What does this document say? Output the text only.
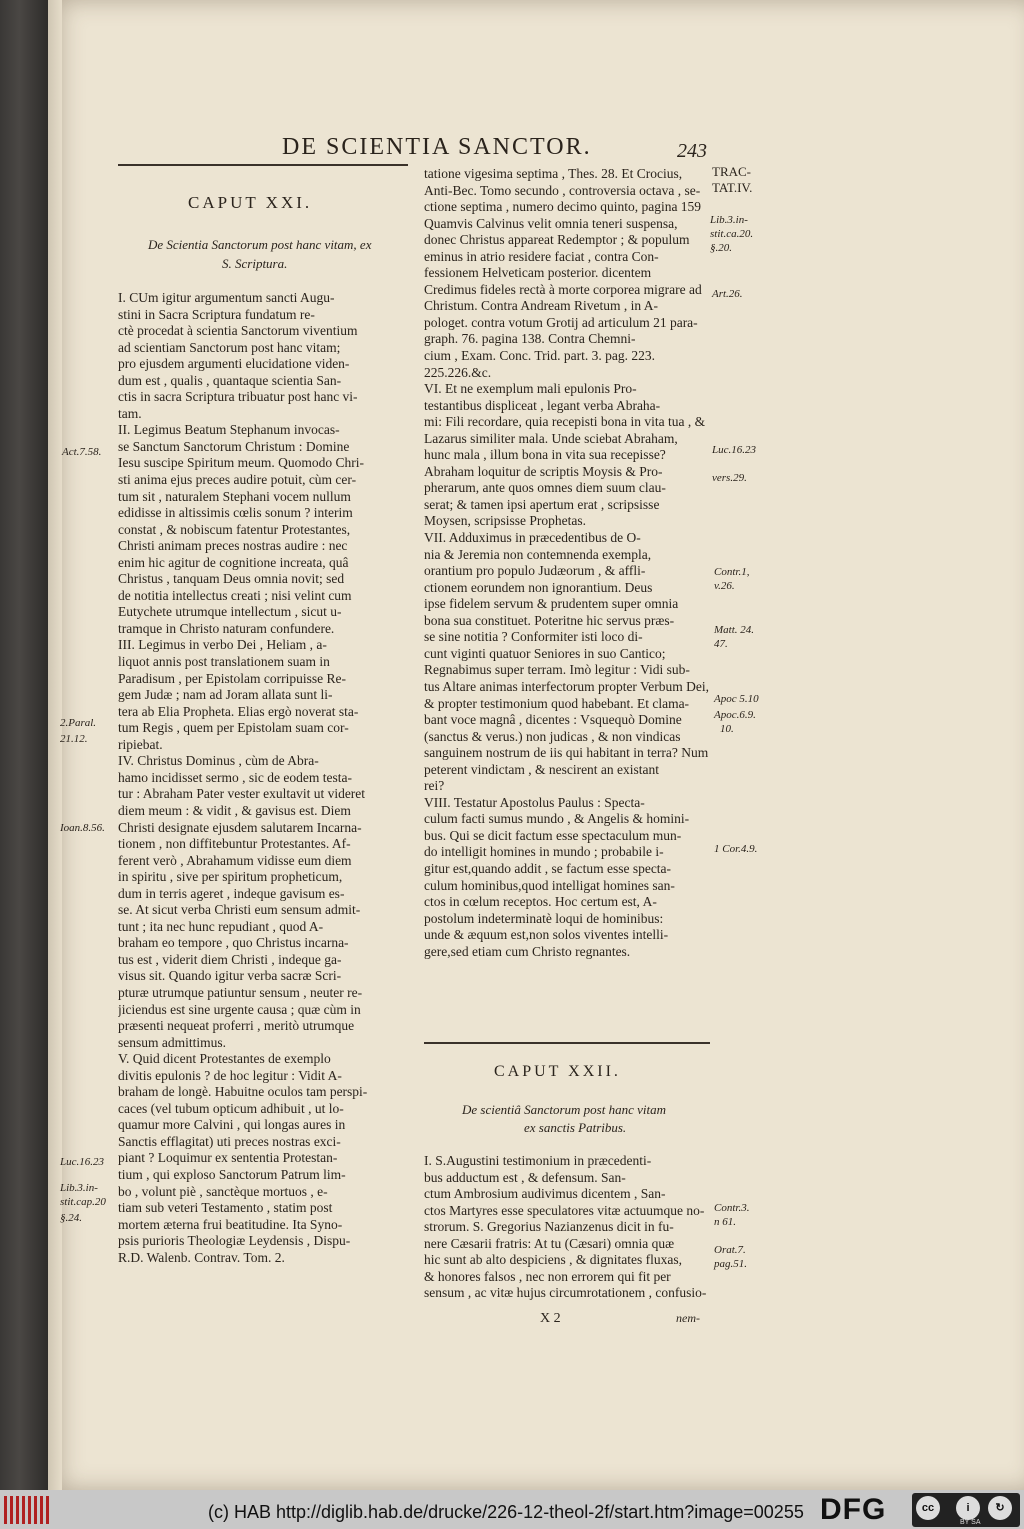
DE SCIENTIA SANCTOR.	243
TRAC-
TAT.IV.
CAPUT XXI.
De Scientia Sanctorum post hanc vitam, ex
S. Scriptura.
I. CUm igitur argumentum sancti Augu-
stini in Sacra Scriptura fundatum re-
ctè procedat à scientia Sanctorum viventium
ad scientiam Sanctorum post hanc vitam;
pro ejusdem argumenti elucidatione viden-
dum est , qualis , quantaque scientia San-
ctis in sacra Scriptura tribuatur post hanc vi-
tam.
II. Legimus Beatum Stephanum invocas-
se Sanctum Sanctorum Christum : Domine
Iesu suscipe Spiritum meum. Quomodo Chri-
sti anima ejus preces audire potuit, cùm cer-
tum sit , naturalem Stephani vocem nullum
edidisse in altissimis cœlis sonum ? interim
constat , & nobiscum fatentur Protestantes,
Christi animam preces nostras audire : nec
enim hic agitur de cognitione increata, quâ
Christus , tanquam Deus omnia novit; sed
de notitia intellectus creati ; nisi velint cum
Eutychete utrumque intellectum , sicut u-
tramque in Christo naturam confundere.
III. Legimus in verbo Dei , Heliam , a-
liquot annis post translationem suam in
Paradisum , per Epistolam corripuisse Re-
gem Judæ ; nam ad Joram allata sunt li-
tera ab Elia Propheta. Elias ergò noverat sta-
tum Regis , quem per Epistolam suam cor-
ripiebat.
IV. Christus Dominus , cùm de Abra-
hamo incidisset sermo , sic de eodem testa-
tur : Abraham Pater vester exultavit ut videret
diem meum : & vidit , & gavisus est. Diem
Christi designate ejusdem salutarem Incarna-
tionem , non diffitebuntur Protestantes. Af-
ferent verò , Abrahamum vidisse eum diem
in spiritu , sive per spiritum propheticum,
dum in terris ageret , indeque gavisum es-
se. At sicut verba Christi eum sensum admit-
tunt ; ita nec hunc repudiant , quod A-
braham eo tempore , quo Christus incarna-
tus est , viderit diem Christi , indeque ga-
visus sit. Quando igitur verba sacræ Scri-
pturæ utrumque patiuntur sensum , neuter re-
jiciendus est sine urgente causa ; quæ cùm in
præsenti nequeat proferri , meritò utrumque
sensum admittimus.
V. Quid dicent Protestantes de exemplo
divitis epulonis ? de hoc legitur : Vidit A-
braham de longè. Habuitne oculos tam perspi-
caces (vel tubum opticum adhibuit , ut lo-
quamur more Calvini , qui longas aures in
Sanctis efflagitat) uti preces nostras exci-
piant ? Loquimur ex sententia Protestan-
tium , qui exploso Sanctorum Patrum lim-
bo , volunt piè , sanctèque mortuos , e-
tiam sub veteri Testamento , statim post
mortem æterna frui beatitudine. Ita Syno-
psis purioris Theologiæ Leydensis , Dispu-
R.D. Walenb. Contrav. Tom. 2.
tatione vigesima septima , Thes. 28. Et Crocius,
Anti-Bec. Tomo secundo , controversia octava , se-
ctione septima , numero decimo quinto, pagina 159
Quamvis Calvinus velit omnia teneri suspensa,
donec Christus appareat Redemptor ; & populum
eminus in atrio residere faciat , contra Con-
fessionem Helveticam posterior. dicentem
Credimus fideles rectà à morte corporea migrare ad
Christum. Contra Andream Rivetum , in A-
pologet. contra votum Grotij ad articulum 21 para-
graph. 76. pagina 138. Contra Chemni-
cium , Exam. Conc. Trid. part. 3. pag. 223.
225.226.&c.
VI. Et ne exemplum mali epulonis Pro-
testantibus displiceat , legant verba Abraha-
mi: Fili recordare, quia recepisti bona in vita tua , &
Lazarus similiter mala. Unde sciebat Abraham,
hunc mala , illum bona in vita sua recepisse?
Abraham loquitur de scriptis Moysis & Pro-
pherarum, ante quos omnes diem suum clau-
serat; & tamen ipsi apertum erat , scripsisse
Moysen, scripsisse Prophetas.
VII. Adduximus in præcedentibus de O-
nia & Jeremia non contemnenda exempla,
orantium pro populo Judæorum , & affli-
ctionem eorundem non ignorantium. Deus
ipse fidelem servum & prudentem super omnia
bona sua constituet. Poteritne hic servus præs-
se sine notitia ? Conformiter isti loco di-
cunt viginti quatuor Seniores in suo Cantico;
Regnabimus super terram. Imò legitur : Vidi sub-
tus Altare animas interfectorum propter Verbum Dei,
& propter testimonium quod habebant. Et clama-
bant voce magnâ , dicentes : Vsquequò Domine
(sanctus & verus.) non judicas , & non vindicas
sanguinem nostrum de iis qui habitant in terra? Num
peterent vindictam , & nescirent an existant
rei?
VIII. Testatur Apostolus Paulus : Specta-
culum facti sumus mundo , & Angelis & homini-
bus. Qui se dicit factum esse spectaculum mun-
do intelligit homines in mundo ; probabile i-
gitur est,quando addit , se factum esse specta-
culum hominibus,quod intelligat homines san-
ctos in cœlum receptos. Hoc certum est, A-
postolum indeterminatè loqui de hominibus:
unde & æquum est,non solos viventes intelli-
gere,sed etiam cum Christo regnantes.
CAPUT XXII.
De scientiâ Sanctorum post hanc vitam
ex sanctis Patribus.
I. S.Augustini testimonium in præcedenti-
bus adductum est , & defensum. San-
ctum Ambrosium audivimus dicentem , San-
ctos Martyres esse speculatores vitæ actuumque no-
strorum. S. Gregorius Nazianzenus dicit in fu-
nere Cæsarii fratris: At tu (Cæsari) omnia quæ
hic sunt ab alto despiciens , & dignitates fluxas,
& honores falsos , nec non errorem qui fit per
sensum , ac vitæ hujus circumrotationem , confusio-
X 2	nem-
Act.7.58.
2.Paral.
21.12.
Ioan.8.56.
Luc.16.23
Lib.3.in-
stit.cap.20
§.24.
Lib.3.in-
stit.ca.20.
§.20.
Art.26.
Luc.16.23
vers.29.
Contr.1,
v.26.
Matt. 24.
47.
Apoc 5.10
Apoc.6.9.
10.
1 Cor.4.9.
Contr.3.
n 61.
Orat.7.
pag.51.
(c) HAB http://diglib.hab.de/drucke/226-12-theol-2f/start.htm?image=00255 DFG	cc	i	↻
BY SA
